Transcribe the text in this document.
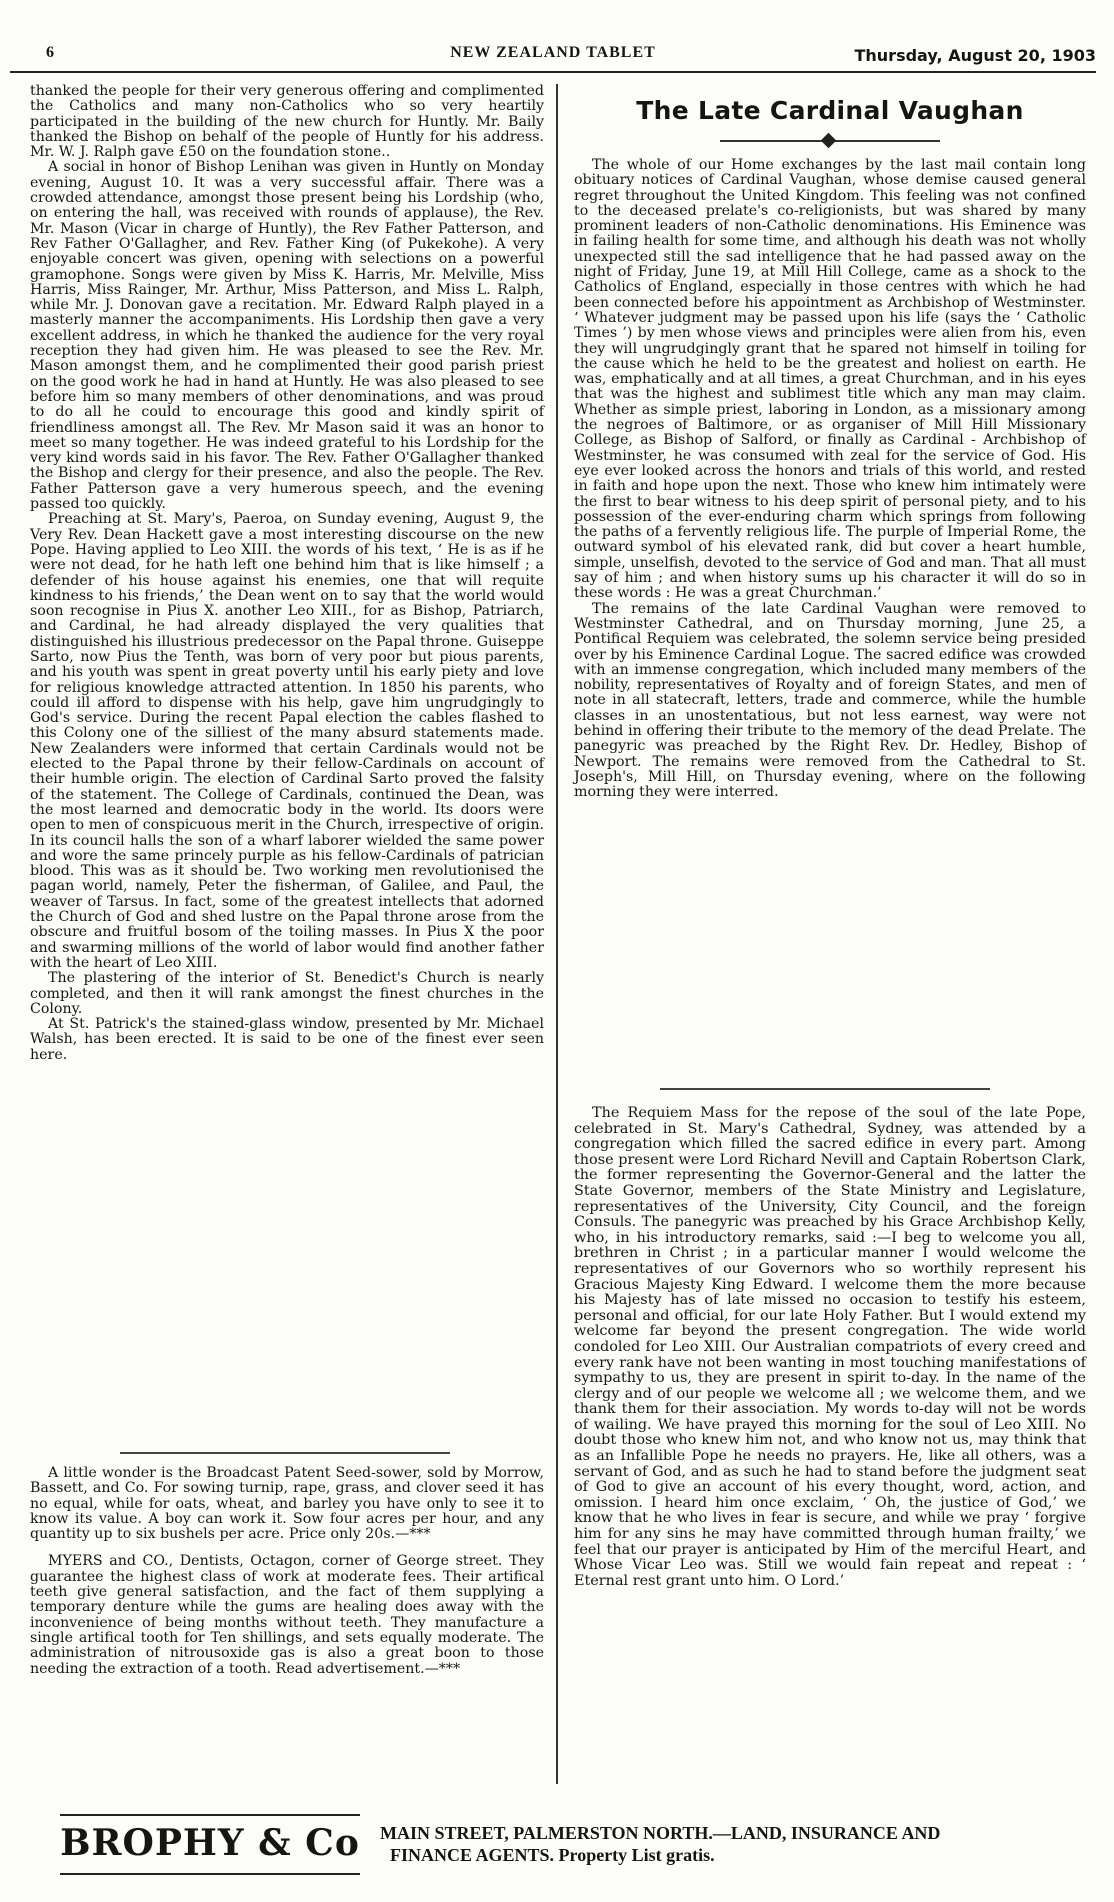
6	NEW ZEALAND TABLET	Thursday, August 20, 1903

thanked the people for their very generous offering and complimented the Catholics and many non-Catholics who so very heartily participated in the building of the new church for Huntly. Mr. Baily thanked the Bishop on behalf of the people of Huntly for his address. Mr. W. J. Ralph gave £50 on the foundation stone..

A social in honor of Bishop Lenihan was given in Huntly on Monday evening, August 10. It was a very successful affair. There was a crowded attendance, amongst those present being his Lordship (who, on entering the hall, was received with rounds of applause), the Rev. Mr. Mason (Vicar in charge of Huntly), the Rev Father Patterson, and Rev Father O'Gallagher, and Rev. Father King (of Pukekohe). A very enjoyable concert was given, opening with selections on a powerful gramophone. Songs were given by Miss K. Harris, Mr. Melville, Miss Harris, Miss Rainger, Mr. Arthur, Miss Patterson, and Miss L. Ralph, while Mr. J. Donovan gave a recitation. Mr. Edward Ralph played in a masterly manner the accompaniments. His Lordship then gave a very excellent address, in which he thanked the audience for the very royal reception they had given him. He was pleased to see the Rev. Mr. Mason amongst them, and he complimented their good parish priest on the good work he had in hand at Huntly. He was also pleased to see before him so many members of other denominations, and was proud to do all he could to encourage this good and kindly spirit of friendliness amongst all. The Rev. Mr Mason said it was an honor to meet so many together. He was indeed grateful to his Lordship for the very kind words said in his favor. The Rev. Father O'Gallagher thanked the Bishop and clergy for their presence, and also the people. The Rev. Father Patterson gave a very humerous speech, and the evening passed too quickly.

Preaching at St. Mary's, Paeroa, on Sunday evening, August 9, the Very Rev. Dean Hackett gave a most interesting discourse on the new Pope. Having applied to Leo XIII. the words of his text, ‘ He is as if he were not dead, for he hath left one behind him that is like himself ; a defender of his house against his enemies, one that will requite kindness to his friends,’ the Dean went on to say that the world would soon recognise in Pius X. another Leo XIII., for as Bishop, Patriarch, and Cardinal, he had already displayed the very qualities that distinguished his illustrious predecessor on the Papal throne. Guiseppe Sarto, now Pius the Tenth, was born of very poor but pious parents, and his youth was spent in great poverty until his early piety and love for religious knowledge attracted attention. In 1850 his parents, who could ill afford to dispense with his help, gave him ungrudgingly to God's service. During the recent Papal election the cables flashed to this Colony one of the silliest of the many absurd statements made. New Zealanders were informed that certain Cardinals would not be elected to the Papal throne by their fellow-Cardinals on account of their humble origin. The election of Cardinal Sarto proved the falsity of the statement. The College of Cardinals, continued the Dean, was the most learned and democratic body in the world. Its doors were open to men of conspicuous merit in the Church, irrespective of origin. In its council halls the son of a wharf laborer wielded the same power and wore the same princely purple as his fellow-Cardinals of patrician blood. This was as it should be. Two working men revolutionised the pagan world, namely, Peter the fisherman, of Galilee, and Paul, the weaver of Tarsus. In fact, some of the greatest intellects that adorned the Church of God and shed lustre on the Papal throne arose from the obscure and fruitful bosom of the toiling masses. In Pius X the poor and swarming millions of the world of labor would find another father with the heart of Leo XIII.

The plastering of the interior of St. Benedict's Church is nearly completed, and then it will rank amongst the finest churches in the Colony.

At St. Patrick's the stained-glass window, presented by Mr. Michael Walsh, has been erected. It is said to be one of the finest ever seen here.

A little wonder is the Broadcast Patent Seed-sower, sold by Morrow, Bassett, and Co. For sowing turnip, rape, grass, and clover seed it has no equal, while for oats, wheat, and barley you have only to see it to know its value. A boy can work it. Sow four acres per hour, and any quantity up to six bushels per acre. Price only 20s.—***

MYERS and CO., Dentists, Octagon, corner of George street. They guarantee the highest class of work at moderate fees. Their artifical teeth give general satisfaction, and the fact of them supplying a temporary denture while the gums are healing does away with the inconvenience of being months without teeth. They manufacture a single artifical tooth for Ten shillings, and sets equally moderate. The administration of nitrousoxide gas is also a great boon to those needing the extraction of a tooth. Read advertisement.—***

The Late Cardinal Vaughan

The whole of our Home exchanges by the last mail contain long obituary notices of Cardinal Vaughan, whose demise caused general regret throughout the United Kingdom. This feeling was not confined to the deceased prelate's co-religionists, but was shared by many prominent leaders of non-Catholic denominations. His Eminence was in failing health for some time, and although his death was not wholly unexpected still the sad intelligence that he had passed away on the night of Friday, June 19, at Mill Hill College, came as a shock to the Catholics of England, especially in those centres with which he had been connected before his appointment as Archbishop of Westminster. ‘ Whatever judgment may be passed upon his life (says the ‘ Catholic Times ’) by men whose views and principles were alien from his, even they will ungrudgingly grant that he spared not himself in toiling for the cause which he held to be the greatest and holiest on earth. He was, emphatically and at all times, a great Churchman, and in his eyes that was the highest and sublimest title which any man may claim. Whether as simple priest, laboring in London, as a missionary among the negroes of Baltimore, or as organiser of Mill Hill Missionary College, as Bishop of Salford, or finally as Cardinal - Archbishop of Westminster, he was consumed with zeal for the service of God. His eye ever looked across the honors and trials of this world, and rested in faith and hope upon the next. Those who knew him intimately were the first to bear witness to his deep spirit of personal piety, and to his possession of the ever-enduring charm which springs from following the paths of a fervently religious life. The purple of Imperial Rome, the outward symbol of his elevated rank, did but cover a heart humble, simple, unselfish, devoted to the service of God and man. That all must say of him ; and when history sums up his character it will do so in these words : He was a great Churchman.’

The remains of the late Cardinal Vaughan were removed to Westminster Cathedral, and on Thursday morning, June 25, a Pontifical Requiem was celebrated, the solemn service being presided over by his Eminence Cardinal Logue. The sacred edifice was crowded with an immense congregation, which included many members of the nobility, representatives of Royalty and of foreign States, and men of note in all statecraft, letters, trade and commerce, while the humble classes in an unostentatious, but not less earnest, way were not behind in offering their tribute to the memory of the dead Prelate. The panegyric was preached by the Right Rev. Dr. Hedley, Bishop of Newport. The remains were removed from the Cathedral to St. Joseph's, Mill Hill, on Thursday evening, where on the following morning they were interred.

The Requiem Mass for the repose of the soul of the late Pope, celebrated in St. Mary's Cathedral, Sydney, was attended by a congregation which filled the sacred edifice in every part. Among those present were Lord Richard Nevill and Captain Robertson Clark, the former representing the Governor-General and the latter the State Governor, members of the State Ministry and Legislature, representatives of the University, City Council, and the foreign Consuls. The panegyric was preached by his Grace Archbishop Kelly, who, in his introductory remarks, said :—I beg to welcome you all, brethren in Christ ; in a particular manner I would welcome the representatives of our Governors who so worthily represent his Gracious Majesty King Edward. I welcome them the more because his Majesty has of late missed no occasion to testify his esteem, personal and official, for our late Holy Father. But I would extend my welcome far beyond the present congregation. The wide world condoled for Leo XIII. Our Australian compatriots of every creed and every rank have not been wanting in most touching manifestations of sympathy to us, they are present in spirit to-day. In the name of the clergy and of our people we welcome all ; we welcome them, and we thank them for their association. My words to-day will not be words of wailing. We have prayed this morning for the soul of Leo XIII. No doubt those who knew him not, and who know not us, may think that as an Infallible Pope he needs no prayers. He, like all others, was a servant of God, and as such he had to stand before the judgment seat of God to give an account of his every thought, word, action, and omission. I heard him once exclaim, ‘ Oh, the justice of God,’ we know that he who lives in fear is secure, and while we pray ‘ forgive him for any sins he may have committed through human frailty,’ we feel that our prayer is anticipated by Him of the merciful Heart, and Whose Vicar Leo was. Still we would fain repeat and repeat : ‘ Eternal rest grant unto him. O Lord.’

BROPHY & Co MAIN STREET, PALMERSTON NORTH.—LAND, INSURANCE AND
FINANCE AGENTS. Property List gratis.
